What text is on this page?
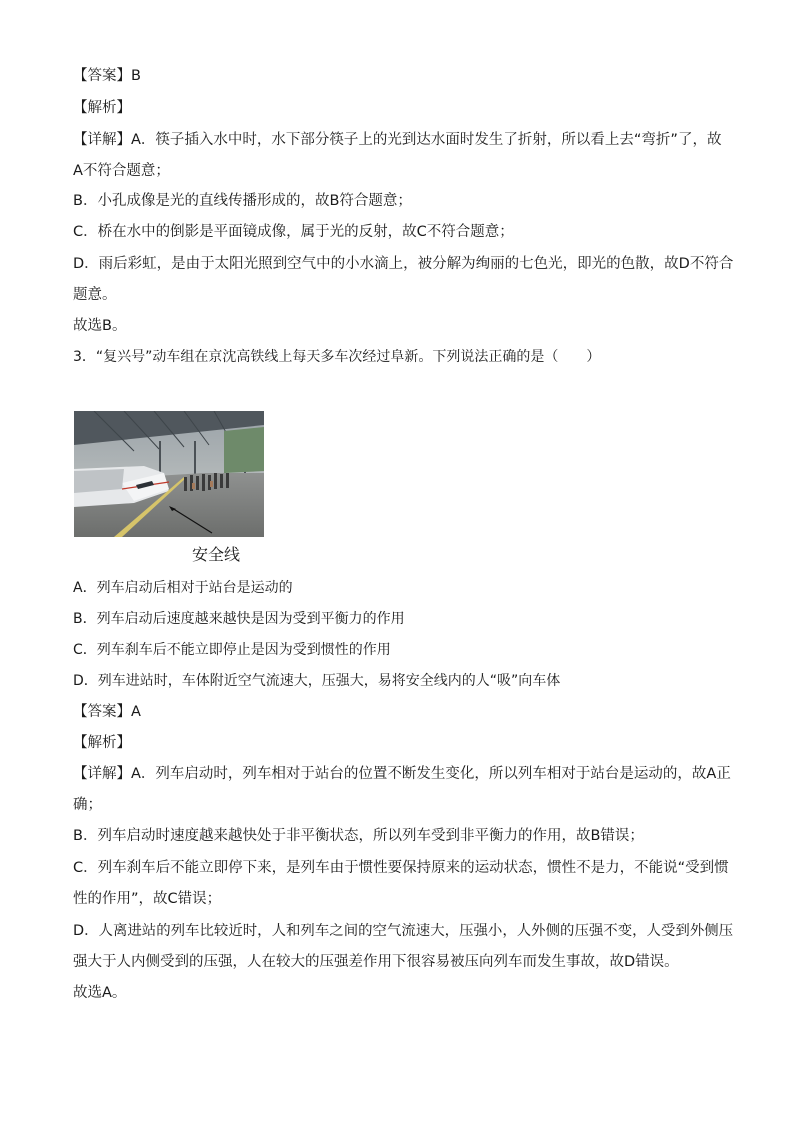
【答案】B
【解析】
【详解】A．筷子插入水中时，水下部分筷子上的光到达水面时发生了折射，所以看上去“弯折”了，故
A不符合题意；
B．小孔成像是光的直线传播形成的，故B符合题意；
C．桥在水中的倒影是平面镜成像，属于光的反射，故C不符合题意；
D．雨后彩虹，是由于太阳光照到空气中的小水滴上，被分解为绚丽的七色光，即光的色散，故D不符合
题意。
故选B。
3．“复兴号”动车组在京沈高铁线上每天多车次经过阜新。下列说法正确的是（　　）
安全线
A．列车启动后相对于站台是运动的
B．列车启动后速度越来越快是因为受到平衡力的作用
C．列车刹车后不能立即停止是因为受到惯性的作用
D．列车进站时，车体附近空气流速大，压强大，易将安全线内的人“吸”向车体
【答案】A
【解析】
【详解】A．列车启动时，列车相对于站台的位置不断发生变化，所以列车相对于站台是运动的，故A正
确；
B．列车启动时速度越来越快处于非平衡状态，所以列车受到非平衡力的作用，故B错误；
C．列车刹车后不能立即停下来，是列车由于惯性要保持原来的运动状态，惯性不是力，不能说“受到惯
性的作用”，故C错误；
D．人离进站的列车比较近时，人和列车之间的空气流速大，压强小，人外侧的压强不变，人受到外侧压
强大于人内侧受到的压强，人在较大的压强差作用下很容易被压向列车而发生事故，故D错误。
故选A。
